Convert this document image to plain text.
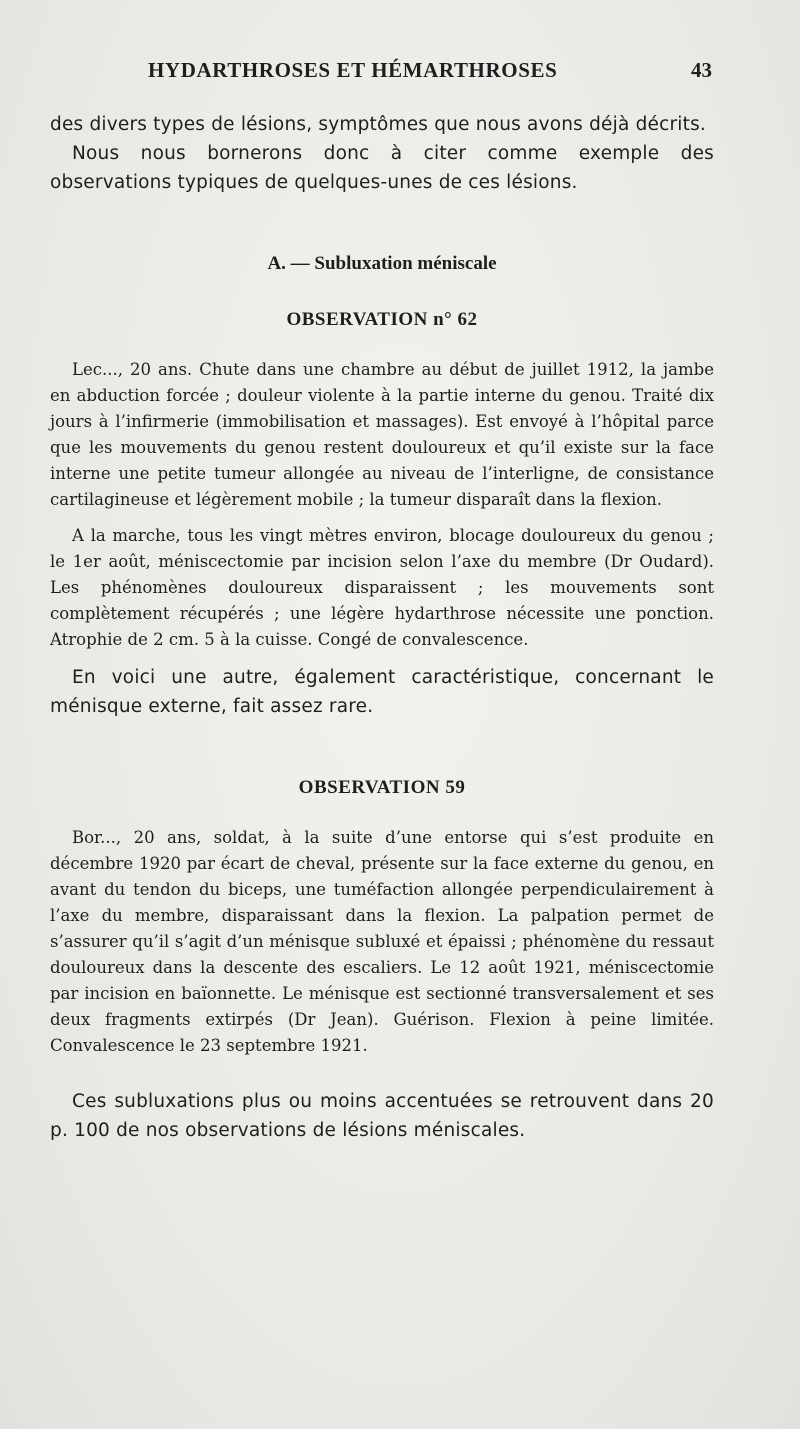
HYDARTHROSES ET HÉMARTHROSES	43

des divers types de lésions, symptômes que nous avons déjà décrits.

Nous nous bornerons donc à citer comme exemple des observations typiques de quelques-unes de ces lésions.

A. — Subluxation méniscale

OBSERVATION n° 62

Lec..., 20 ans. Chute dans une chambre au début de juillet 1912, la jambe en abduction forcée ; douleur violente à la partie interne du genou. Traité dix jours à l’infirmerie (immobilisation et massages). Est envoyé à l’hôpital parce que les mouvements du genou restent douloureux et qu’il existe sur la face interne une petite tumeur allongée au niveau de l’interligne, de consistance cartilagineuse et légèrement mobile ; la tumeur disparaît dans la flexion.

A la marche, tous les vingt mètres environ, blocage douloureux du genou ; le 1er août, méniscectomie par incision selon l’axe du membre (Dr Oudard). Les phénomènes douloureux disparaissent ; les mouvements sont complètement récupérés ; une légère hydarthrose nécessite une ponction. Atrophie de 2 cm. 5 à la cuisse. Congé de convalescence.

En voici une autre, également caractéristique, concernant le ménisque externe, fait assez rare.

OBSERVATION 59

Bor..., 20 ans, soldat, à la suite d’une entorse qui s’est produite en décembre 1920 par écart de cheval, présente sur la face externe du genou, en avant du tendon du biceps, une tuméfaction allongée perpendiculairement à l’axe du membre, disparaissant dans la flexion. La palpation permet de s’assurer qu’il s’agit d’un ménisque subluxé et épaissi ; phénomène du ressaut douloureux dans la descente des escaliers. Le 12 août 1921, méniscectomie par incision en baïonnette. Le ménisque est sectionné transversalement et ses deux fragments extirpés (Dr Jean). Guérison. Flexion à peine limitée. Convalescence le 23 septembre 1921.

Ces subluxations plus ou moins accentuées se retrouvent dans 20 p. 100 de nos observations de lésions méniscales.
